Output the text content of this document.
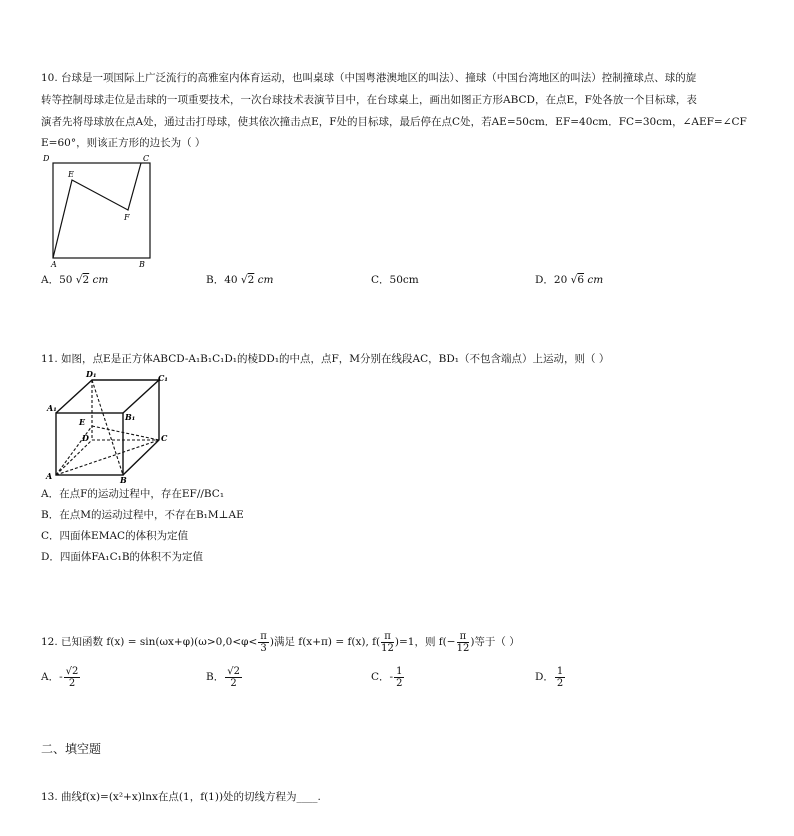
10. 台球是一项国际上广泛流行的高雅室内体育运动，也叫桌球（中国粤港澳地区的叫法）、撞球（中国台湾地区的叫法）控制撞球点、球的旋
转等控制母球走位是击球的一项重要技术，一次台球技术表演节目中，在台球桌上，画出如图正方形ABCD，在点E，F处各放一个目标球，表
演者先将母球放在点A处，通过击打母球，使其依次撞击点E，F处的目标球，最后停在点C处，若AE=50cm．EF=40cm．FC=30cm，∠AEF=∠CF
E=60°，则该正方形的边长为（ ）
D	C
E
F
A	B
A．50 √2 cm	B．40 √2 cm	C．50cm	D．20 √6 cm
11. 如图，点E是正方体ABCD-A₁B₁C₁D₁的棱DD₁的中点，点F，M分别在线段AC，BD₁（不包含端点）上运动，则（ ）
D₁	C₁
A₁
B₁
E
D	C
A	B
A．在点F的运动过程中，存在EF//BC₁
B．在点M的运动过程中，不存在B₁M⊥AE
C．四面体EMAC的体积为定值
D．四面体FA₁C₁B的体积不为定值
12. 已知函数 $f(x) = \sin(\omega x+\varphi)(\omega>0,0<\varphi< \frac{\pi}{3}$ )满足 f(x+π) = f(x), $f( \frac{\pi}{12} )=1$，则 $f(- \frac{\pi}{12}$ )等于（ ）
A．- $\frac{√2}{2}$	B． $\frac{√2}{2}$	C．- $\frac{1}{2}$	D． $\frac{1}{2}$
二、填空题
13. 曲线f(x)=(x²+x)lnx在点(1，f(1))处的切线方程为____.
